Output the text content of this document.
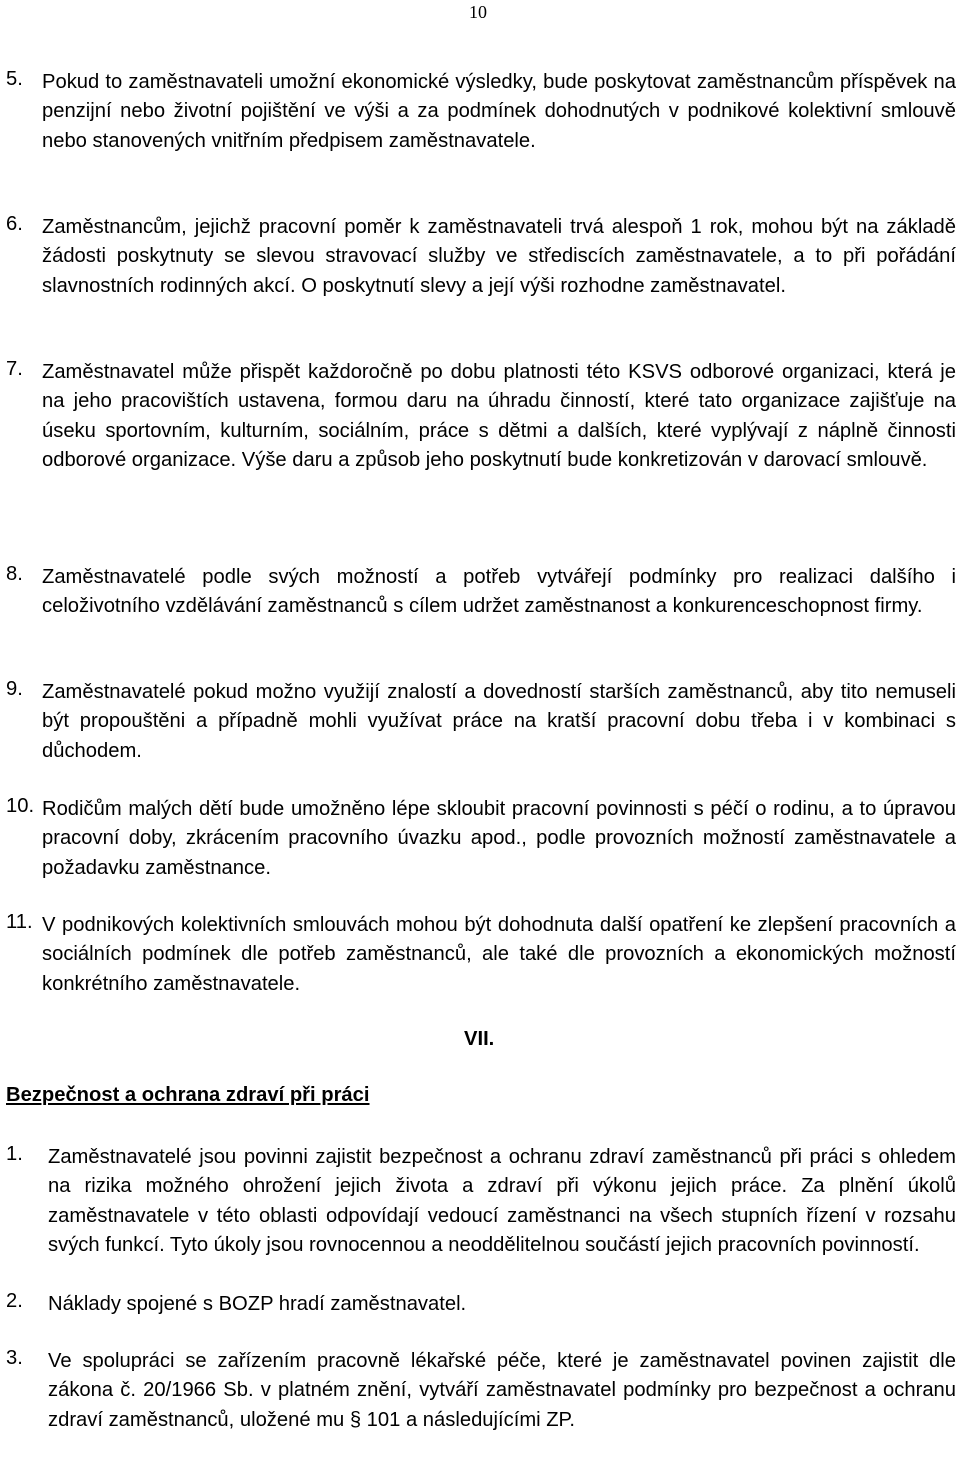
10
5. Pokud to zaměstnavateli umožní ekonomické výsledky, bude poskytovat zaměstnancům příspěvek na penzijní nebo životní pojištění ve výši a za podmínek dohodnutých v podnikové kolektivní smlouvě nebo stanovených vnitřním předpisem zaměstnavatele.
6. Zaměstnancům, jejichž pracovní poměr k zaměstnavateli trvá alespoň 1 rok, mohou být na základě žádosti poskytnuty se slevou stravovací služby ve střediscích zaměstnavatele, a to při pořádání slavnostních rodinných akcí. O poskytnutí slevy a její výši rozhodne zaměstnavatel.
7. Zaměstnavatel může přispět každoročně po dobu platnosti této KSVS odborové organizaci, která je na jeho pracovištích ustavena, formou daru na úhradu činností, které tato organizace zajišťuje na úseku sportovním, kulturním, sociálním, práce s dětmi a dalších, které vyplývají z náplně činnosti odborové organizace. Výše daru a způsob jeho poskytnutí bude konkretizován v darovací smlouvě.
8. Zaměstnavatelé podle svých možností a potřeb vytvářejí podmínky pro realizaci dalšího i celoživotního vzdělávání zaměstnanců s cílem udržet zaměstnanost a konkurenceschopnost firmy.
9. Zaměstnavatelé pokud možno využijí znalostí a dovedností starších zaměstnanců, aby tito nemuseli být propouštěni a případně mohli využívat práce na kratší pracovní dobu třeba i v kombinaci s důchodem.
10. Rodičům malých dětí bude umožněno lépe skloubit pracovní povinnosti s péčí o rodinu, a to úpravou pracovní doby, zkrácením pracovního úvazku apod., podle provozních možností zaměstnavatele a požadavku zaměstnance.
11. V podnikových kolektivních smlouvách mohou být dohodnuta další opatření ke zlepšení pracovních a sociálních podmínek dle potřeb zaměstnanců, ale také dle provozních a ekonomických možností konkrétního zaměstnavatele.
VII.
Bezpečnost a ochrana zdraví při práci
1. Zaměstnavatelé jsou povinni zajistit bezpečnost a ochranu zdraví zaměstnanců při práci s ohledem na rizika možného ohrožení jejich života a zdraví při výkonu jejich práce. Za plnění úkolů zaměstnavatele v této oblasti odpovídají vedoucí zaměstnanci na všech stupních řízení v rozsahu svých funkcí. Tyto úkoly jsou rovnocennou a neoddělitelnou součástí jejich pracovních povinností.
2. Náklady spojené s BOZP hradí zaměstnavatel.
3. Ve spolupráci se zařízením pracovně lékařské péče, které je zaměstnavatel povinen zajistit dle zákona č. 20/1966 Sb. v platném znění, vytváří zaměstnavatel podmínky pro bezpečnost a ochranu zdraví zaměstnanců, uložené mu § 101 a následujícími ZP.
